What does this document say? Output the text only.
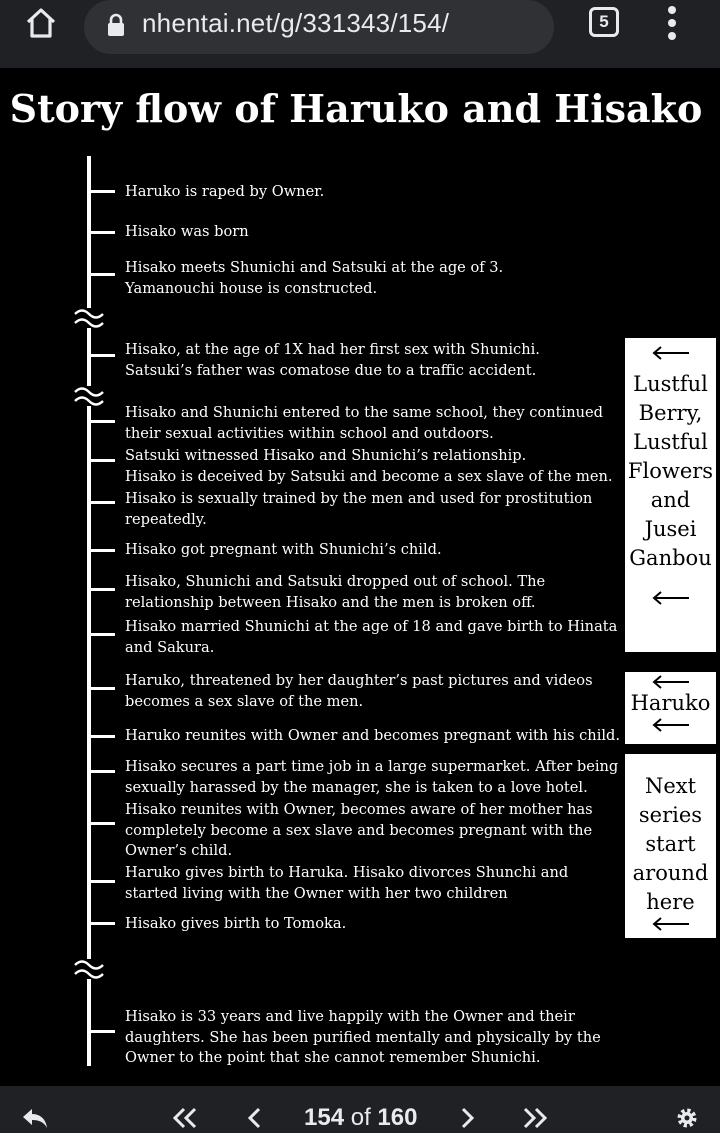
nhentai.net/g/331343/154/	5
Story flow of Haruko and Hisako
Haruko is raped by Owner.
Hisako was born
Hisako meets Shunichi and Satsuki at the age of 3.
Yamanouchi house is constructed.
Hisako, at the age of 1X had her first sex with Shunichi.
Satsuki’s father was comatose due to a traffic accident.
Hisako and Shunichi entered to the same school, they continued
their sexual activities within school and outdoors.
Satsuki witnessed Hisako and Shunichi’s relationship.
Hisako is deceived by Satsuki and become a sex slave of the men.
Hisako is sexually trained by the men and used for prostitution
repeatedly.
Hisako got pregnant with Shunichi’s child.
Hisako, Shunichi and Satsuki dropped out of school. The
relationship between Hisako and the men is broken off.
Hisako married Shunichi at the age of 18 and gave birth to Hinata
and Sakura.
Haruko, threatened by her daughter’s past pictures and videos
becomes a sex slave of the men.
Haruko reunites with Owner and becomes pregnant with his child.
Hisako secures a part time job in a large supermarket. After being
sexually harassed by the manager, she is taken to a love hotel.
Hisako reunites with Owner, becomes aware of her mother has
completely become a sex slave and becomes pregnant with the
Owner’s child.
Haruko gives birth to Haruka. Hisako divorces Shunchi and
started living with the Owner with her two children
Hisako gives birth to Tomoka.
Hisako is 33 years and live happily with the Owner and their
daughters. She has been purified mentally and physically by the
Owner to the point that she cannot remember Shunichi.
Lustful
Berry,
Lustful
Flowers
and
Jusei
Ganbou
Haruko
Next
series
start
around
here
154 of 160
